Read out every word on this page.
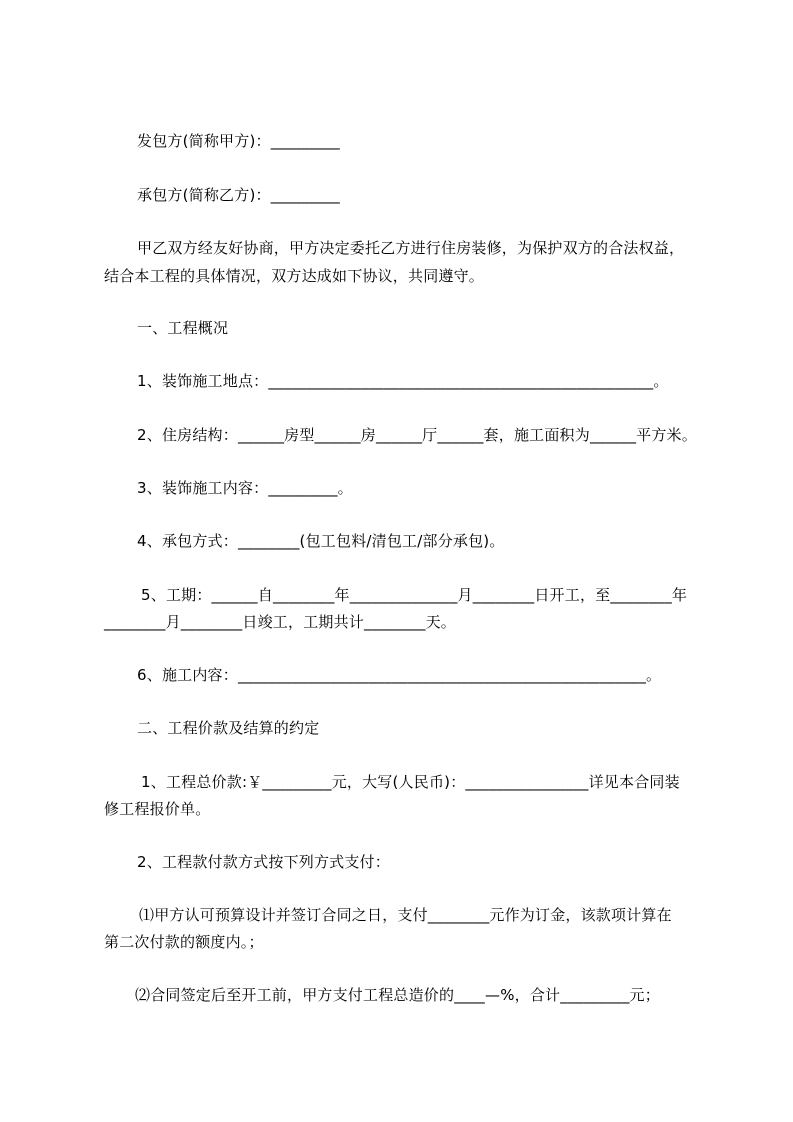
发包方(简称甲方)：_________
承包方(简称乙方)：_________
甲乙双方经友好协商，甲方决定委托乙方进行住房装修，为保护双方的合法权益，
结合本工程的具体情况，双方达成如下协议，共同遵守。
一、工程概况
1、装饰施工地点：__________________________________________________。
2、住房结构：______房型______房______厅______套，施工面积为______平方米。
3、装饰施工内容：_________。
4、承包方式：________(包工包料/清包工/部分承包)。
5、工期：______自________年______________月________日开工，至________年
________月________日竣工，工期共计________天。
6、施工内容：_____________________________________________________。
二、工程价款及结算的约定
1、工程总价款:￥_________元，大写(人民币)：________________详见本合同装
修工程报价单。
2、工程款付款方式按下列方式支付：
⑴甲方认可预算设计并签订合同之日，支付________元作为订金，该款项计算在
第二次付款的额度内。；
⑵合同签定后至开工前，甲方支付工程总造价的____—%，合计_________元；
